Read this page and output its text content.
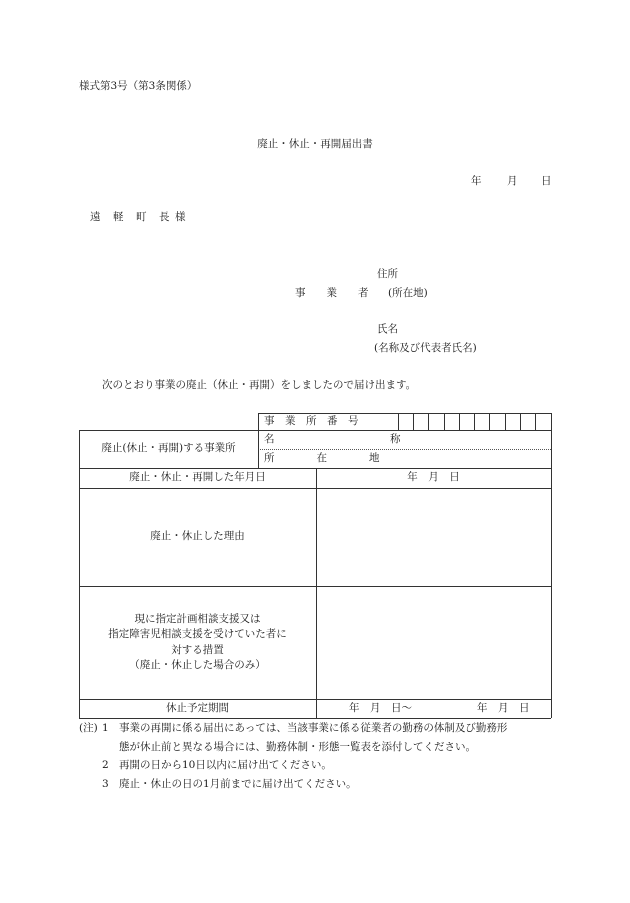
様式第3号（第3条関係）
廃止・休止・再開届出書
年 月 日
遠　軽　町　長 様
住所
事　　業　　者 (所在地)
氏名
(名称及び代表者氏名)
次のとおり事業の廃止（休止・再開）をしましたので届け出ます。
事　業　所　番　号
廃止(休止・再開)する事業所
名　　　　　　　　　　　称
所　　　　在　　　　地
廃止・休止・再開した年月日	年　月　日
廃止・休止した理由
現に指定計画相談支援又は
指定障害児相談支援を受けていた者に
対する措置
（廃止・休止した場合のみ）
休止予定期間	年　月　日〜	年　月　日
(注) 1 事業の再開に係る届出にあっては、当該事業に係る従業者の勤務の体制及び勤務形
態が休止前と異なる場合には、勤務体制・形態一覧表を添付してください。
2 再開の日から10日以内に届け出てください。
3 廃止・休止の日の1月前までに届け出てください。
